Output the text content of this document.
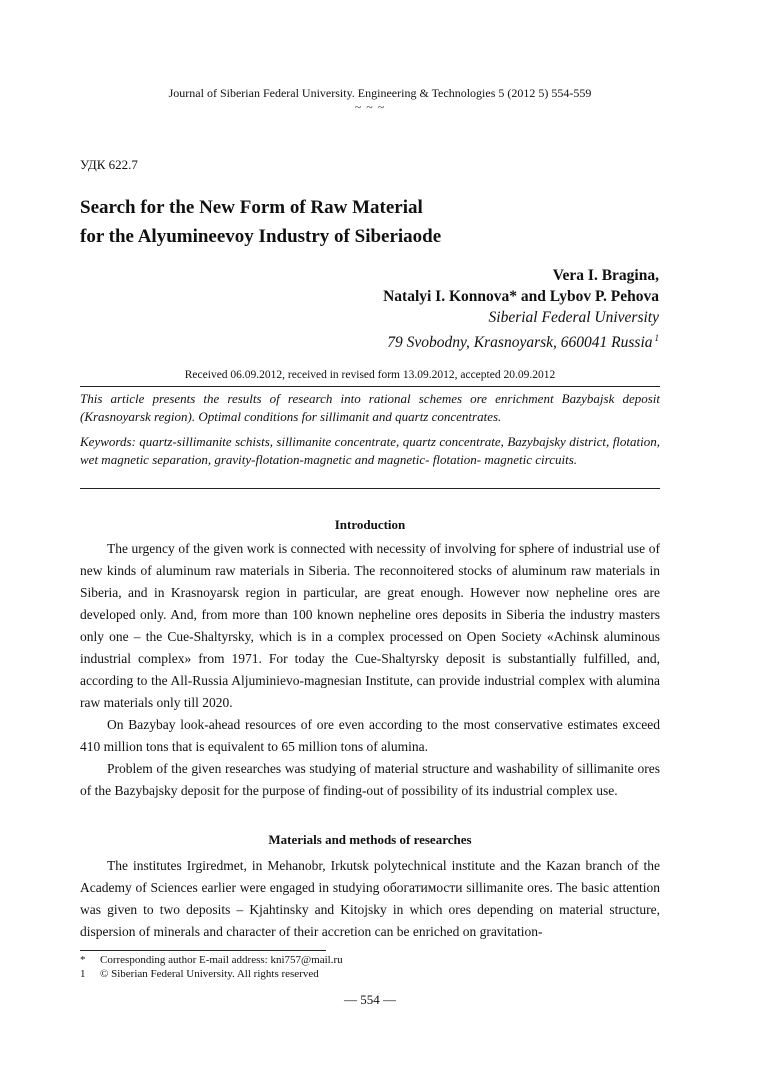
Journal of Siberian Federal University. Engineering & Technologies 5 (2012 5) 554-559
~ ~ ~
УДК 622.7
Search for the New Form of Raw Material
for the Alyumineevoy Industry of Siberiaode
Vera I. Bragina,
Natalyi I. Konnova* and Lybov P. Pehova
Siberial Federal University
79 Svobodny, Krasnoyarsk, 660041 Russia $^1$
Received 06.09.2012, received in revised form 13.09.2012, accepted 20.09.2012
This article presents the results of research into rational schemes ore enrichment Bazybajsk deposit (Krasnoyarsk region). Optimal conditions for sillimanit and quartz concentrates.
Keywords: quartz-sillimanite schists, sillimanite concentrate, quartz concentrate, Bazybajsky district, flotation, wet magnetic separation, gravity-flotation-magnetic and magnetic- flotation- magnetic circuits.
Introduction

The urgency of the given work is connected with necessity of involving for sphere of industrial use of new kinds of aluminum raw materials in Siberia. The reconnoitered stocks of aluminum raw materials in Siberia, and in Krasnoyarsk region in particular, are great enough. However now nepheline ores are developed only. And, from more than 100 known nepheline ores deposits in Siberia the industry masters only one – the Cue-Shaltyrsky, which is in a complex processed on Open Society «Achinsk aluminous industrial complex» from 1971. For today the Cue-Shaltyrsky deposit is substantially fulfilled, and, according to the All-Russia Aljuminievo-magnesian Institute, can provide industrial complex with alumina raw materials only till 2020.

On Bazybay look-ahead resources of ore even according to the most conservative estimates exceed 410 million tons that is equivalent to 65 million tons of alumina.

Problem of the given researches was studying of material structure and washability of sillimanite ores of the Bazybajsky deposit for the purpose of finding-out of possibility of its industrial complex use.

Materials and methods of researches

The institutes Irgiredmet, in Mehanobr, Irkutsk polytechnical institute and the Kazan branch of the Academy of Sciences earlier were engaged in studying обогатимости sillimanite ores. The basic attention was given to two deposits – Kjahtinsky and Kitojsky in which ores depending on material structure, dispersion of minerals and character of their accretion can be enriched on gravitation-

*	Corresponding author E-mail address: kni757@mail.ru
1	© Siberian Federal University. All rights reserved
— 554 —
